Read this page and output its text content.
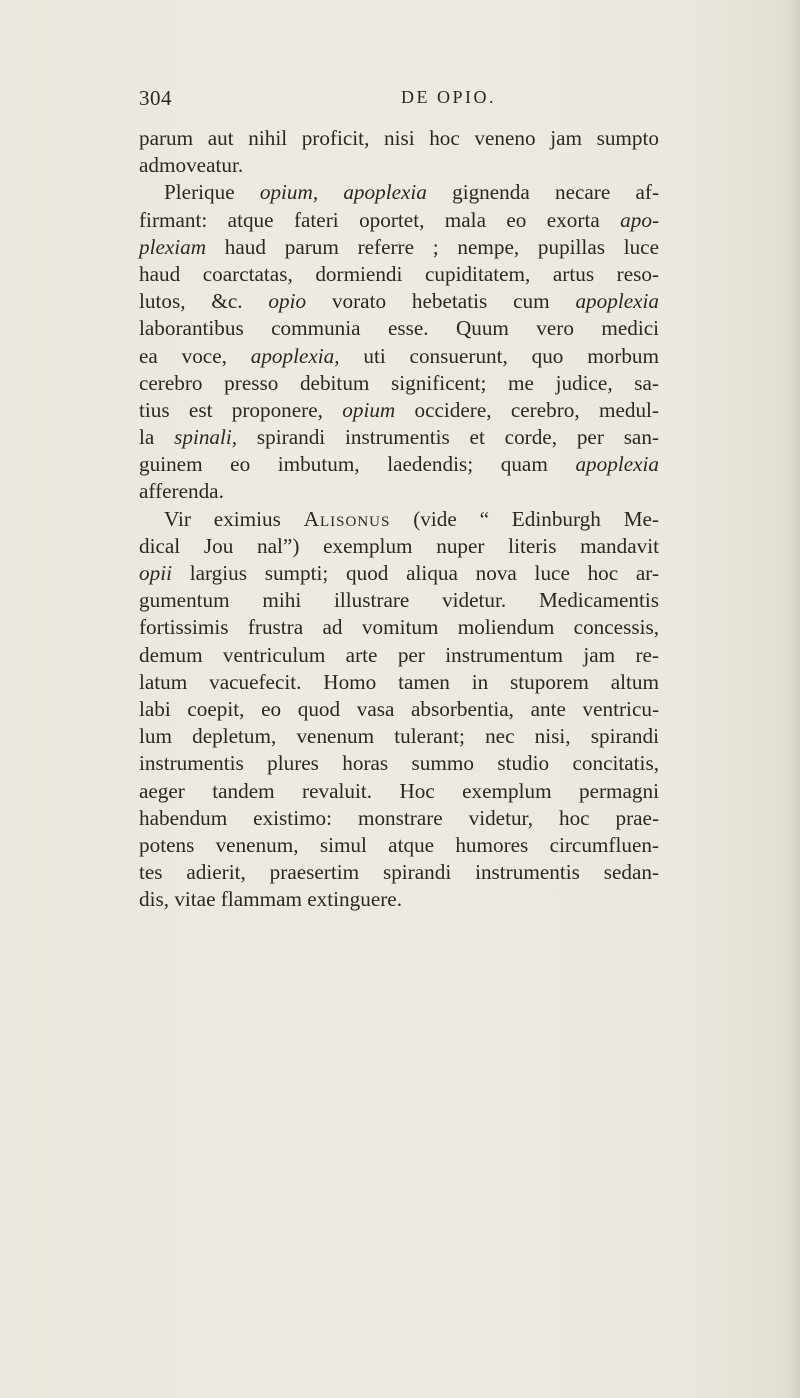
304	DE OPIO.
parum aut nihil proficit, nisi hoc veneno jam sumpto
admoveatur.
Plerique opium, apoplexia gignenda necare af-
firmant: atque fateri oportet, mala eo exorta apo-
plexiam haud parum referre ; nempe, pupillas luce
haud coarctatas, dormiendi cupiditatem, artus reso-
lutos, &c. opio vorato hebetatis cum apoplexia
laborantibus communia esse. Quum vero medici
ea voce, apoplexia, uti consuerunt, quo morbum
cerebro presso debitum significent; me judice, sa-
tius est proponere, opium occidere, cerebro, medul-
la spinali, spirandi instrumentis et corde, per san-
guinem eo imbutum, laedendis; quam apoplexia
afferenda.
Vir eximius Alisonus (vide “ Edinburgh Me-
dical Jou nal”) exemplum nuper literis mandavit
opii largius sumpti; quod aliqua nova luce hoc ar-
gumentum mihi illustrare videtur. Medicamentis
fortissimis frustra ad vomitum moliendum concessis,
demum ventriculum arte per instrumentum jam re-
latum vacuefecit. Homo tamen in stuporem altum
labi coepit, eo quod vasa absorbentia, ante ventricu-
lum depletum, venenum tulerant; nec nisi, spirandi
instrumentis plures horas summo studio concitatis,
aeger tandem revaluit. Hoc exemplum permagni
habendum existimo: monstrare videtur, hoc prae-
potens venenum, simul atque humores circumfluen-
tes adierit, praesertim spirandi instrumentis sedan-
dis, vitae flammam extinguere.
